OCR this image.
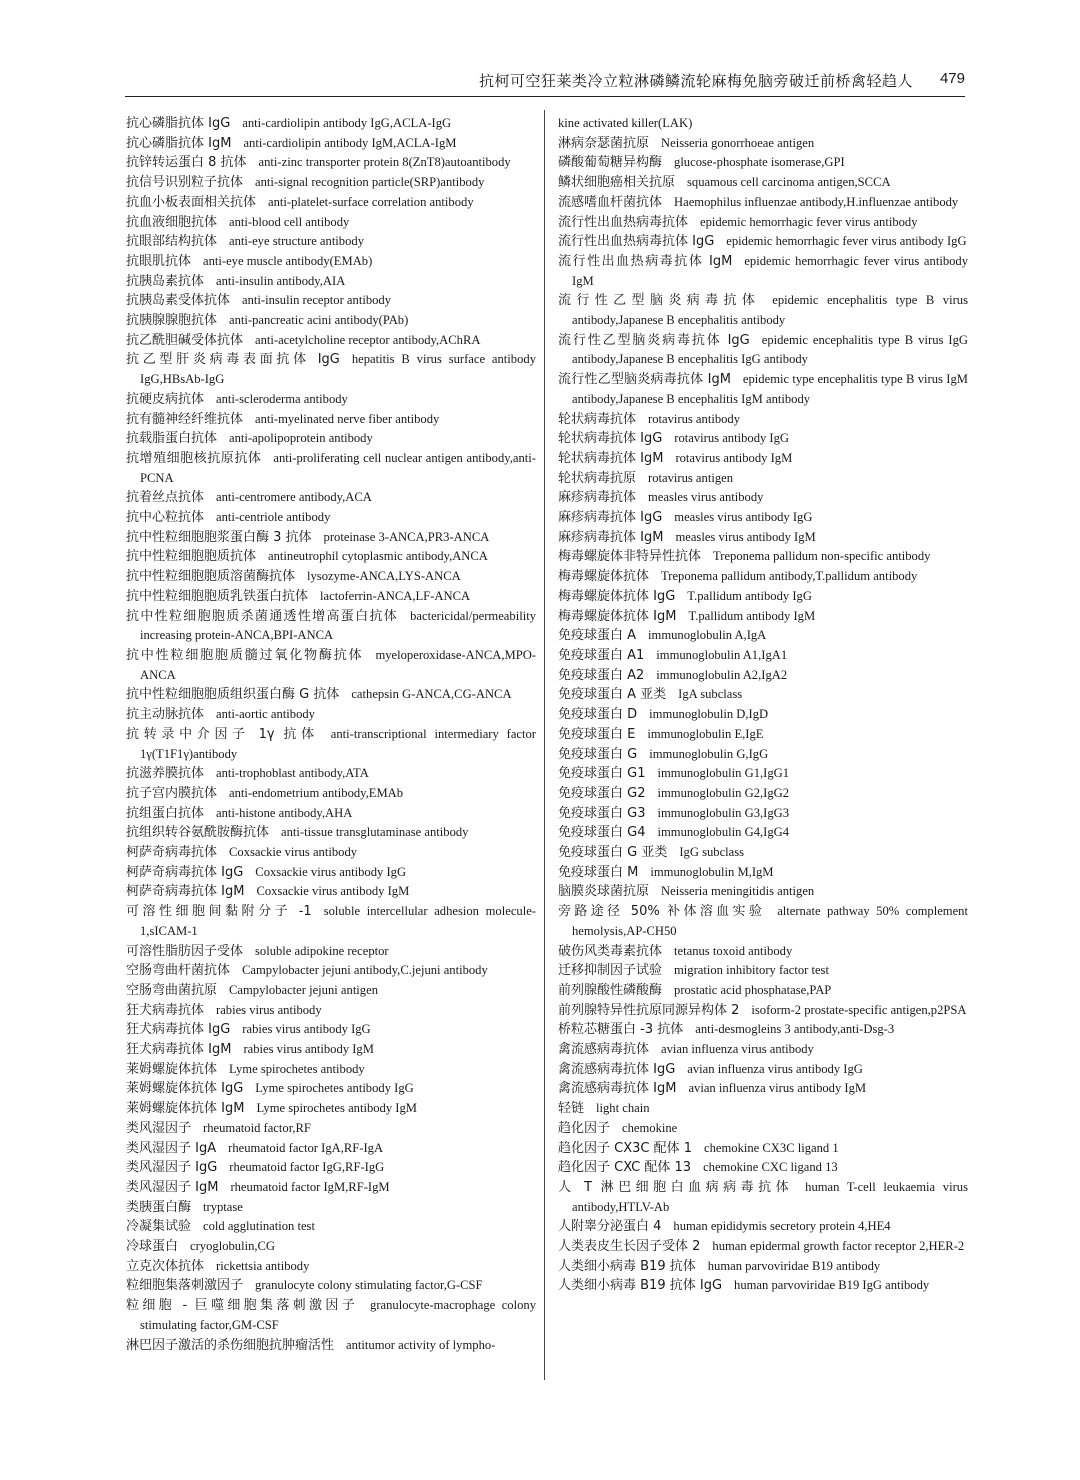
抗柯可空狂莱类冷立粒淋磷鳞流轮麻梅免脑旁破迁前桥禽轻趋人 479
抗心磷脂抗体 IgG anti-cardiolipin antibody IgG,ACLA-IgG
抗心磷脂抗体 IgM anti-cardiolipin antibody IgM,ACLA-IgM
抗锌转运蛋白 8 抗体 anti-zinc transporter protein 8(ZnT8)autoantibody
抗信号识别粒子抗体 anti-signal recognition particle(SRP)antibody
抗血小板表面相关抗体 anti-platelet-surface correlation antibody
抗血液细胞抗体 anti-blood cell antibody
抗眼部结构抗体 anti-eye structure antibody
抗眼肌抗体 anti-eye muscle antibody(EMAb)
抗胰岛素抗体 anti-insulin antibody,AIA
抗胰岛素受体抗体 anti-insulin receptor antibody
抗胰腺腺胞抗体 anti-pancreatic acini antibody(PAb)
抗乙酰胆碱受体抗体 anti-acetylcholine receptor antibody,AChRA
抗乙型肝炎病毒表面抗体 IgG hepatitis B virus surface antibody IgG,HBsAb-IgG
抗硬皮病抗体 anti-scleroderma antibody
抗有髓神经纤维抗体 anti-myelinated nerve fiber antibody
抗载脂蛋白抗体 anti-apolipoprotein antibody
抗增殖细胞核抗原抗体 anti-proliferating cell nuclear antigen antibody,anti-PCNA
抗着丝点抗体 anti-centromere antibody,ACA
抗中心粒抗体 anti-centriole antibody
抗中性粒细胞胞浆蛋白酶 3 抗体 proteinase 3-ANCA,PR3-ANCA
抗中性粒细胞胞质抗体 antineutrophil cytoplasmic antibody,ANCA
抗中性粒细胞胞质溶菌酶抗体 lysozyme-ANCA,LYS-ANCA
抗中性粒细胞胞质乳铁蛋白抗体 lactoferrin-ANCA,LF-ANCA
抗中性粒细胞胞质杀菌通透性增高蛋白抗体 bactericidal/permeability increasing protein-ANCA,BPI-ANCA
抗中性粒细胞胞质髓过氧化物酶抗体 myeloperoxidase-ANCA,MPO-ANCA
抗中性粒细胞胞质组织蛋白酶 G 抗体 cathepsin G-ANCA,CG-ANCA
抗主动脉抗体 anti-aortic antibody
抗转录中介因子 1γ 抗体 anti-transcriptional intermediary factor 1γ(T1F1γ)antibody
抗滋养膜抗体 anti-trophoblast antibody,ATA
抗子宫内膜抗体 anti-endometrium antibody,EMAb
抗组蛋白抗体 anti-histone antibody,AHA
抗组织转谷氨酰胺酶抗体 anti-tissue transglutaminase antibody
柯萨奇病毒抗体 Coxsackie virus antibody
柯萨奇病毒抗体 IgG Coxsackie virus antibody IgG
柯萨奇病毒抗体 IgM Coxsackie virus antibody IgM
可溶性细胞间黏附分子 -1 soluble intercellular adhesion molecule-1,sICAM-1
可溶性脂肪因子受体 soluble adipokine receptor
空肠弯曲杆菌抗体 Campylobacter jejuni antibody,C.jejuni antibody
空肠弯曲菌抗原 Campylobacter jejuni antigen
狂犬病毒抗体 rabies virus antibody
狂犬病毒抗体 IgG rabies virus antibody IgG
狂犬病毒抗体 IgM rabies virus antibody IgM
莱姆螺旋体抗体 Lyme spirochetes antibody
莱姆螺旋体抗体 IgG Lyme spirochetes antibody IgG
莱姆螺旋体抗体 IgM Lyme spirochetes antibody IgM
类风湿因子 rheumatoid factor,RF
类风湿因子 IgA rheumatoid factor IgA,RF-IgA
类风湿因子 IgG rheumatoid factor IgG,RF-IgG
类风湿因子 IgM rheumatoid factor IgM,RF-IgM
类胰蛋白酶 tryptase
冷凝集试验 cold agglutination test
冷球蛋白 cryoglobulin,CG
立克次体抗体 rickettsia antibody
粒细胞集落刺激因子 granulocyte colony stimulating factor,G-CSF
粒细胞 - 巨噬细胞集落刺激因子 granulocyte-macrophage colony stimulating factor,GM-CSF
淋巴因子激活的杀伤细胞抗肿瘤活性 antitumor activity of lympho-
kine activated killer(LAK)
淋病奈瑟菌抗原 Neisseria gonorrhoeae antigen
磷酸葡萄糖异构酶 glucose-phosphate isomerase,GPI
鳞状细胞癌相关抗原 squamous cell carcinoma antigen,SCCA
流感嗜血杆菌抗体 Haemophilus influenzae antibody,H.influenzae antibody
流行性出血热病毒抗体 epidemic hemorrhagic fever virus antibody
流行性出血热病毒抗体 IgG epidemic hemorrhagic fever virus antibody IgG
流行性出血热病毒抗体 IgM epidemic hemorrhagic fever virus antibody IgM
流行性乙型脑炎病毒抗体 epidemic encephalitis type B virus antibody,Japanese B encephalitis antibody
流行性乙型脑炎病毒抗体 IgG epidemic encephalitis type B virus IgG antibody,Japanese B encephalitis IgG antibody
流行性乙型脑炎病毒抗体 IgM epidemic type encephalitis type B virus IgM antibody,Japanese B encephalitis IgM antibody
轮状病毒抗体 rotavirus antibody
轮状病毒抗体 IgG rotavirus antibody IgG
轮状病毒抗体 IgM rotavirus antibody IgM
轮状病毒抗原 rotavirus antigen
麻疹病毒抗体 measles virus antibody
麻疹病毒抗体 IgG measles virus antibody IgG
麻疹病毒抗体 IgM measles virus antibody IgM
梅毒螺旋体非特异性抗体 Treponema pallidum non-specific antibody
梅毒螺旋体抗体 Treponema pallidum antibody,T.pallidum antibody
梅毒螺旋体抗体 IgG T.pallidum antibody IgG
梅毒螺旋体抗体 IgM T.pallidum antibody IgM
免疫球蛋白 A immunoglobulin A,IgA
免疫球蛋白 A1 immunoglobulin A1,IgA1
免疫球蛋白 A2 immunoglobulin A2,IgA2
免疫球蛋白 A 亚类 IgA subclass
免疫球蛋白 D immunoglobulin D,IgD
免疫球蛋白 E immunoglobulin E,IgE
免疫球蛋白 G immunoglobulin G,IgG
免疫球蛋白 G1 immunoglobulin G1,IgG1
免疫球蛋白 G2 immunoglobulin G2,IgG2
免疫球蛋白 G3 immunoglobulin G3,IgG3
免疫球蛋白 G4 immunoglobulin G4,IgG4
免疫球蛋白 G 亚类 IgG subclass
免疫球蛋白 M immunoglobulin M,IgM
脑膜炎球菌抗原 Neisseria meningitidis antigen
旁路途径 50% 补体溶血实验 alternate pathway 50% complement hemolysis,AP-CH50
破伤风类毒素抗体 tetanus toxoid antibody
迁移抑制因子试验 migration inhibitory factor test
前列腺酸性磷酸酶 prostatic acid phosphatase,PAP
前列腺特异性抗原同源异构体 2 isoform-2 prostate-specific antigen,p2PSA
桥粒芯糖蛋白 -3 抗体 anti-desmogleins 3 antibody,anti-Dsg-3
禽流感病毒抗体 avian influenza virus antibody
禽流感病毒抗体 IgG avian influenza virus antibody IgG
禽流感病毒抗体 IgM avian influenza virus antibody IgM
轻链 light chain
趋化因子 chemokine
趋化因子 CX3C 配体 1 chemokine CX3C ligand 1
趋化因子 CXC 配体 13 chemokine CXC ligand 13
人 T 淋巴细胞白血病病毒抗体 human T-cell leukaemia virus antibody,HTLV-Ab
人附睾分泌蛋白 4 human epididymis secretory protein 4,HE4
人类表皮生长因子受体 2 human epidermal growth factor receptor 2,HER-2
人类细小病毒 B19 抗体 human parvoviridae B19 antibody
人类细小病毒 B19 抗体 IgG human parvoviridae B19 IgG antibody
